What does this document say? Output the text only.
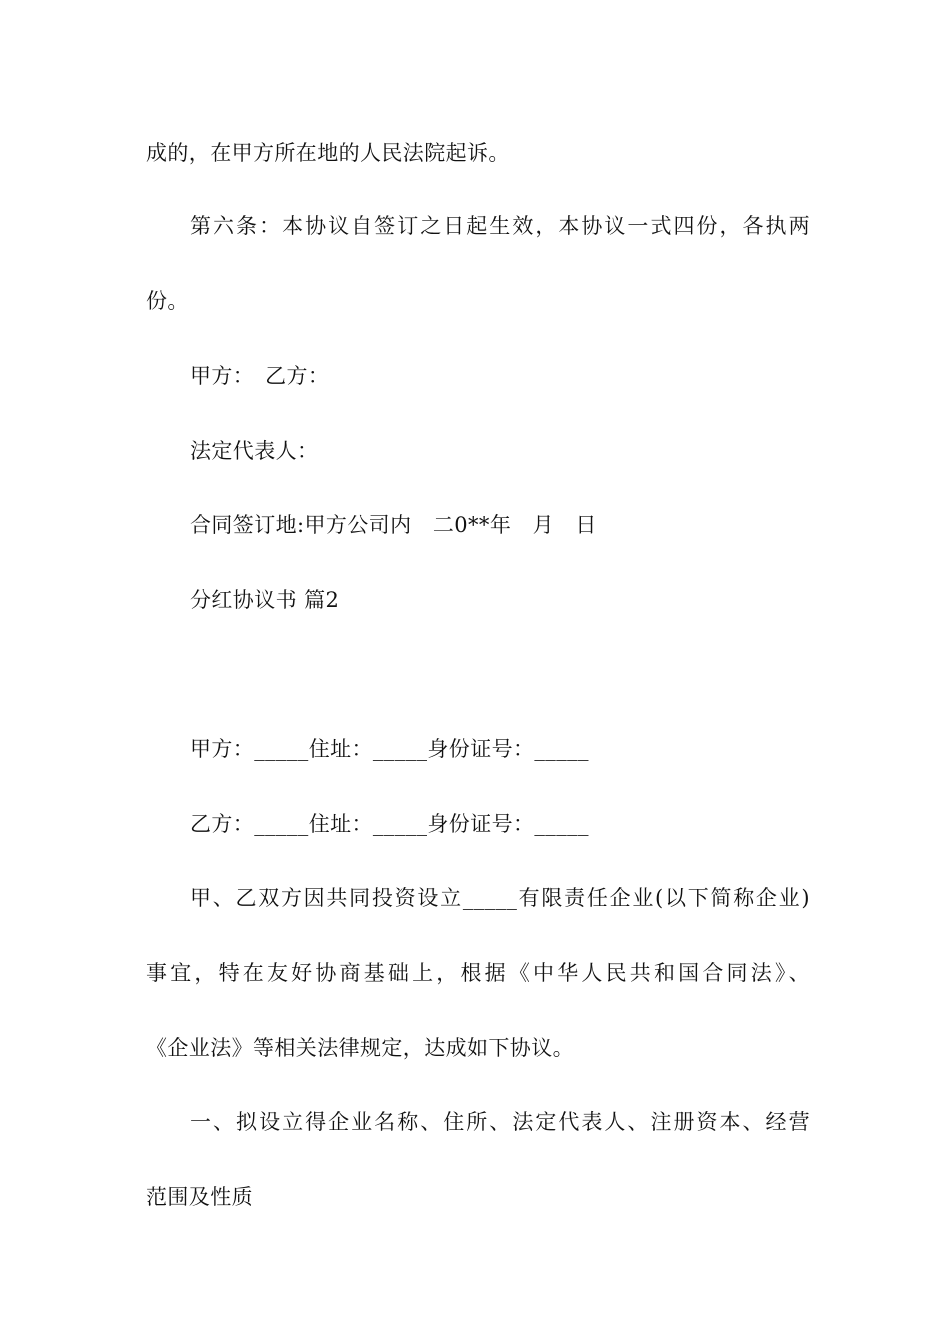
成的，在甲方所在地的人民法院起诉。
第六条：本协议自签订之日起生效，本协议一式四份，各执两
份。
甲方：　乙方：
法定代表人：
合同签订地:甲方公司内　二0**年　月　日
分红协议书 篇2
甲方：_____住址：_____身份证号：_____
乙方：_____住址：_____身份证号：_____
甲、乙双方因共同投资设立_____有限责任企业(以下简称企业)
事宜，特在友好协商基础上，根据《中华人民共和国合同法》、
《企业法》等相关法律规定，达成如下协议。
一、拟设立得企业名称、住所、法定代表人、注册资本、经营
范围及性质
